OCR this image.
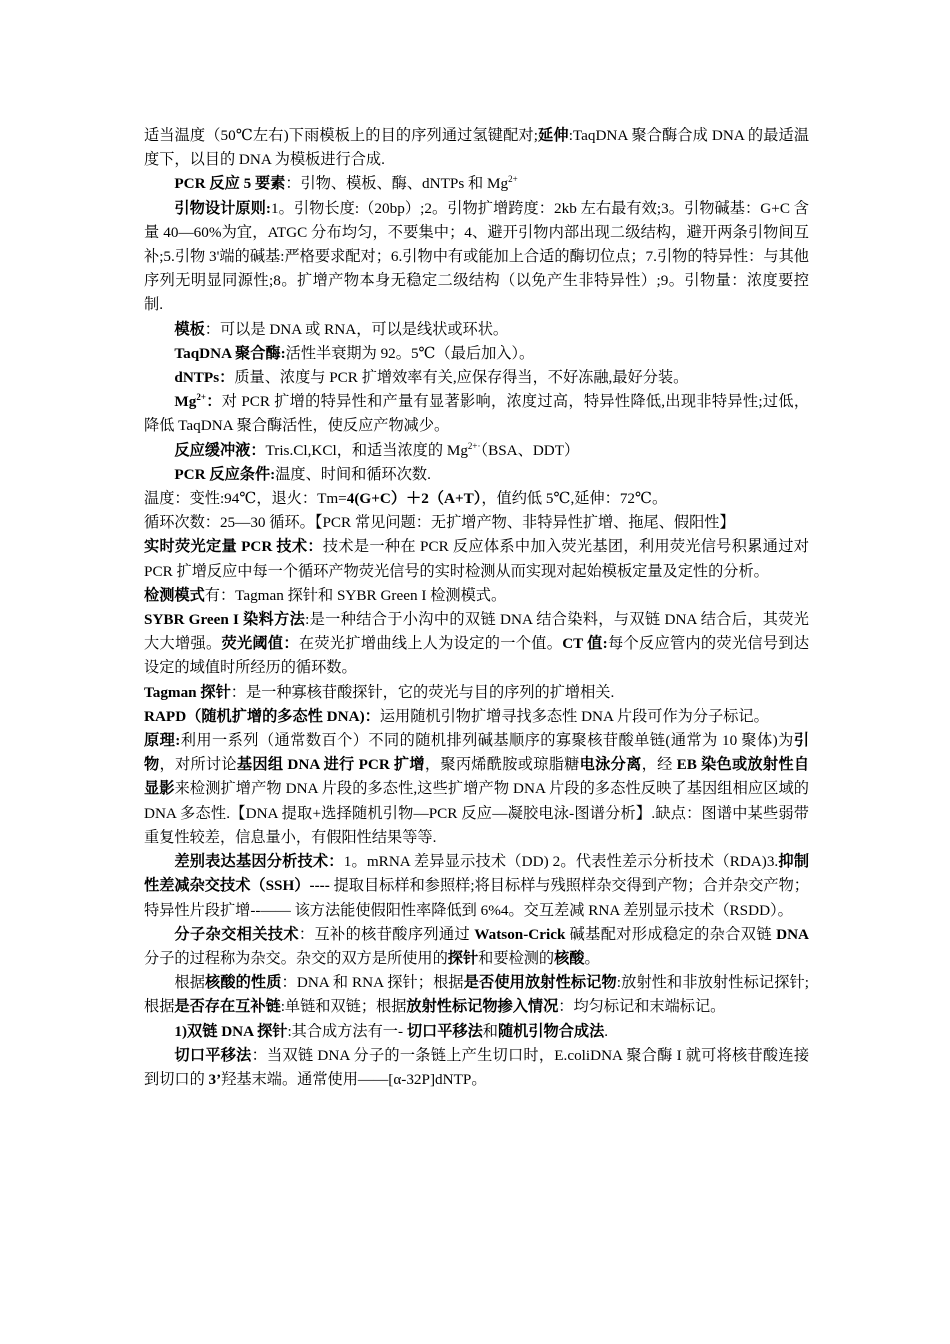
适当温度（50℃左右)下雨模板上的目的序列通过氢键配对;延伸:TaqDNA 聚合酶合成 DNA 的最适温度下，以目的 DNA 为模板进行合成.

PCR 反应 5 要素：引物、模板、酶、dNTPs 和 $Mg^{2+}$

引物设计原则:1。引物长度:（20bp）;2。引物扩增跨度：2kb 左右最有效;3。引物碱基：G+C 含量 40—60%为宜，ATGC 分布均匀，不要集中；4、避开引物内部出现二级结构，避开两条引物间互补;5.引物 3'端的碱基:严格要求配对；6.引物中有或能加上合适的酶切位点；7.引物的特异性：与其他序列无明显同源性;8。扩增产物本身无稳定二级结构（以免产生非特异性）;9。引物量：浓度要控制.

模板：可以是 DNA 或 RNA，可以是线状或环状。

TaqDNA 聚合酶:活性半衰期为 92。5℃（最后加入）。

dNTPs：质量、浓度与 PCR 扩增效率有关,应保存得当，不好冻融,最好分装。

$Mg^{2+}$：对 PCR 扩增的特异性和产量有显著影响，浓度过高，特异性降低,出现非特异性;过低，降低 TaqDNA 聚合酶活性，使反应产物减少。

反应缓冲液：Tris.Cl,KCl，和适当浓度的 $Mg^{2+\cdot}(BSA$、DDT）

PCR 反应条件:温度、时间和循环次数.

温度：变性:94℃，退火：Tm=4(G+C）＋2（A+T），值约低 5℃,延伸：72℃。

循环次数：25—30 循环。【PCR 常见问题：无扩增产物、非特异性扩增、拖尾、假阳性】

实时荧光定量 PCR 技术：技术是一种在 PCR 反应体系中加入荧光基团，利用荧光信号积累通过对 PCR 扩增反应中每一个循环产物荧光信号的实时检测从而实现对起始模板定量及定性的分析。

检测模式有：Tagman 探针和 SYBR Green I 检测模式。

SYBR Green I 染料方法:是一种结合于小沟中的双链 DNA 结合染料，与双链 DNA 结合后，其荧光大大增强。荧光阈值：在荧光扩增曲线上人为设定的一个值。CT 值:每个反应管内的荧光信号到达设定的域值时所经历的循环数。

Tagman 探针：是一种寡核苷酸探针，它的荧光与目的序列的扩增相关.

RAPD（随机扩增的多态性 DNA)：运用随机引物扩增寻找多态性 DNA 片段可作为分子标记。

原理:利用一系列（通常数百个）不同的随机排列碱基顺序的寡聚核苷酸单链(通常为 10 聚体)为引物，对所讨论基因组 DNA 进行 PCR 扩增，聚丙烯酰胺或琼脂糖电泳分离，经 EB 染色或放射性自显影来检测扩增产物 DNA 片段的多态性,这些扩增产物 DNA 片段的多态性反映了基因组相应区域的 DNA 多态性.【DNA 提取+选择随机引物—PCR 反应—凝胶电泳-图谱分析】.缺点：图谱中某些弱带重复性较差，信息量小，有假阳性结果等等.

差别表达基因分析技术：1。mRNA 差异显示技术（DD) 2。代表性差示分析技术（RDA)3.抑制性差减杂交技术（SSH）---- 提取目标样和参照样;将目标样与残照样杂交得到产物；合并杂交产物；特异性片段扩增--—— 该方法能使假阳性率降低到 6%4。交互差减 RNA 差别显示技术（RSDD）。

分子杂交相关技术：互补的核苷酸序列通过 Watson-Crick 碱基配对形成稳定的杂合双链 DNA 分子的过程称为杂交。杂交的双方是所使用的探针和要检测的核酸。

根据核酸的性质：DNA 和 RNA 探针；根据是否使用放射性标记物:放射性和非放射性标记探针;根据是否存在互补链:单链和双链；根据放射性标记物掺入情况：均匀标记和末端标记。

1)双链 DNA 探针:其合成方法有一- 切口平移法和随机引物合成法.

切口平移法：当双链 DNA 分子的一条链上产生切口时，E.coliDNA 聚合酶 I 就可将核苷酸连接到切口的 3’羟基末端。通常使用——[α-32P]dNTP。
